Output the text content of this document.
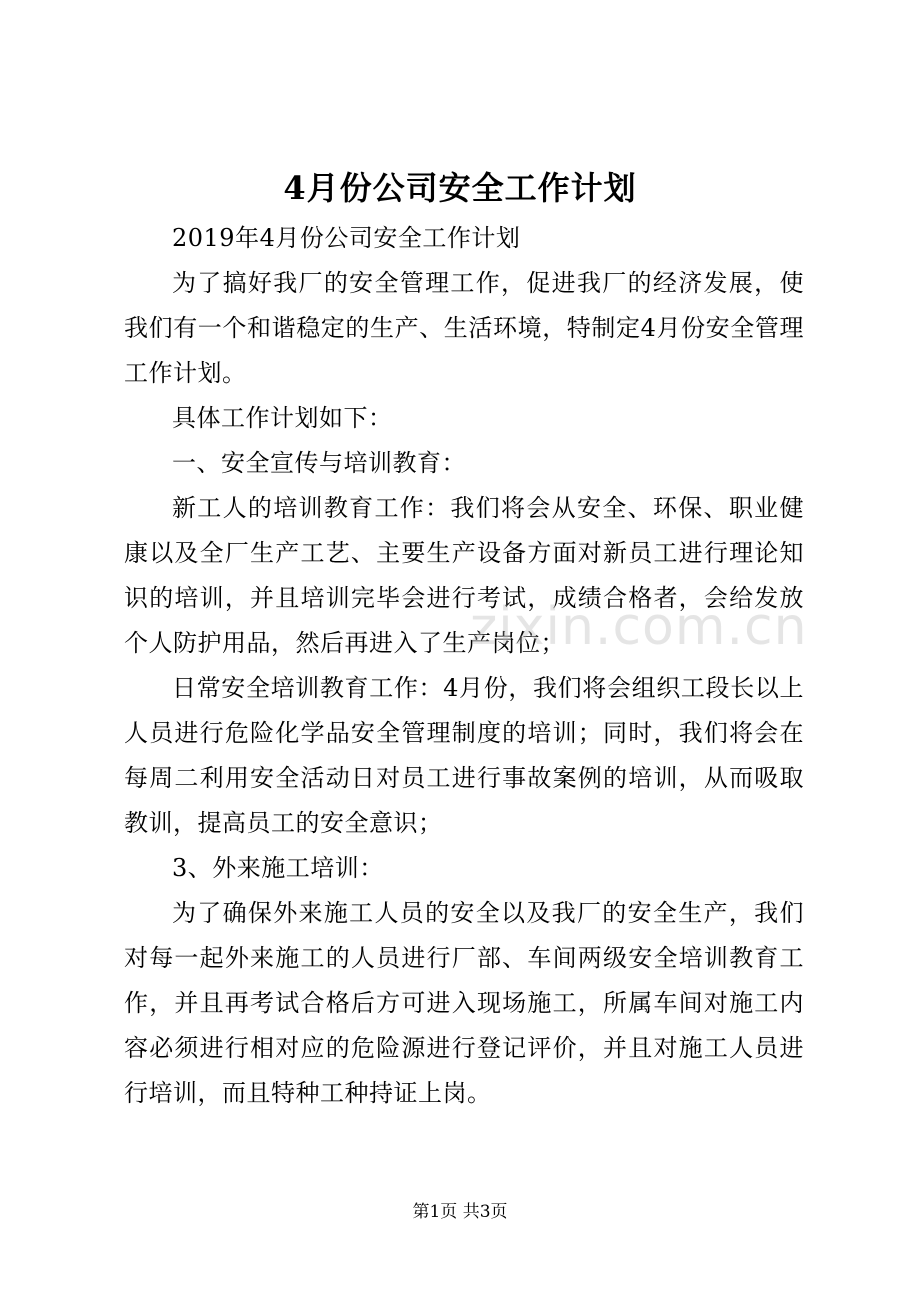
4月份公司安全工作计划

2019年4月份公司安全工作计划

为了搞好我厂的安全管理工作，促进我厂的经济发展，使我们有一个和谐稳定的生产、生活环境，特制定4月份安全管理工作计划。

具体工作计划如下：

一、安全宣传与培训教育：

新工人的培训教育工作：我们将会从安全、环保、职业健康以及全厂生产工艺、主要生产设备方面对新员工进行理论知识的培训，并且培训完毕会进行考试，成绩合格者，会给发放个人防护用品，然后再进入了生产岗位；

日常安全培训教育工作：4月份，我们将会组织工段长以上人员进行危险化学品安全管理制度的培训；同时，我们将会在每周二利用安全活动日对员工进行事故案例的培训，从而吸取教训，提高员工的安全意识；

3、外来施工培训：

为了确保外来施工人员的安全以及我厂的安全生产，我们对每一起外来施工的人员进行厂部、车间两级安全培训教育工作，并且再考试合格后方可进入现场施工，所属车间对施工内容必须进行相对应的危险源进行登记评价，并且对施工人员进行培训，而且特种工种持证上岗。

zixin.com.cn
第1页 共3页
